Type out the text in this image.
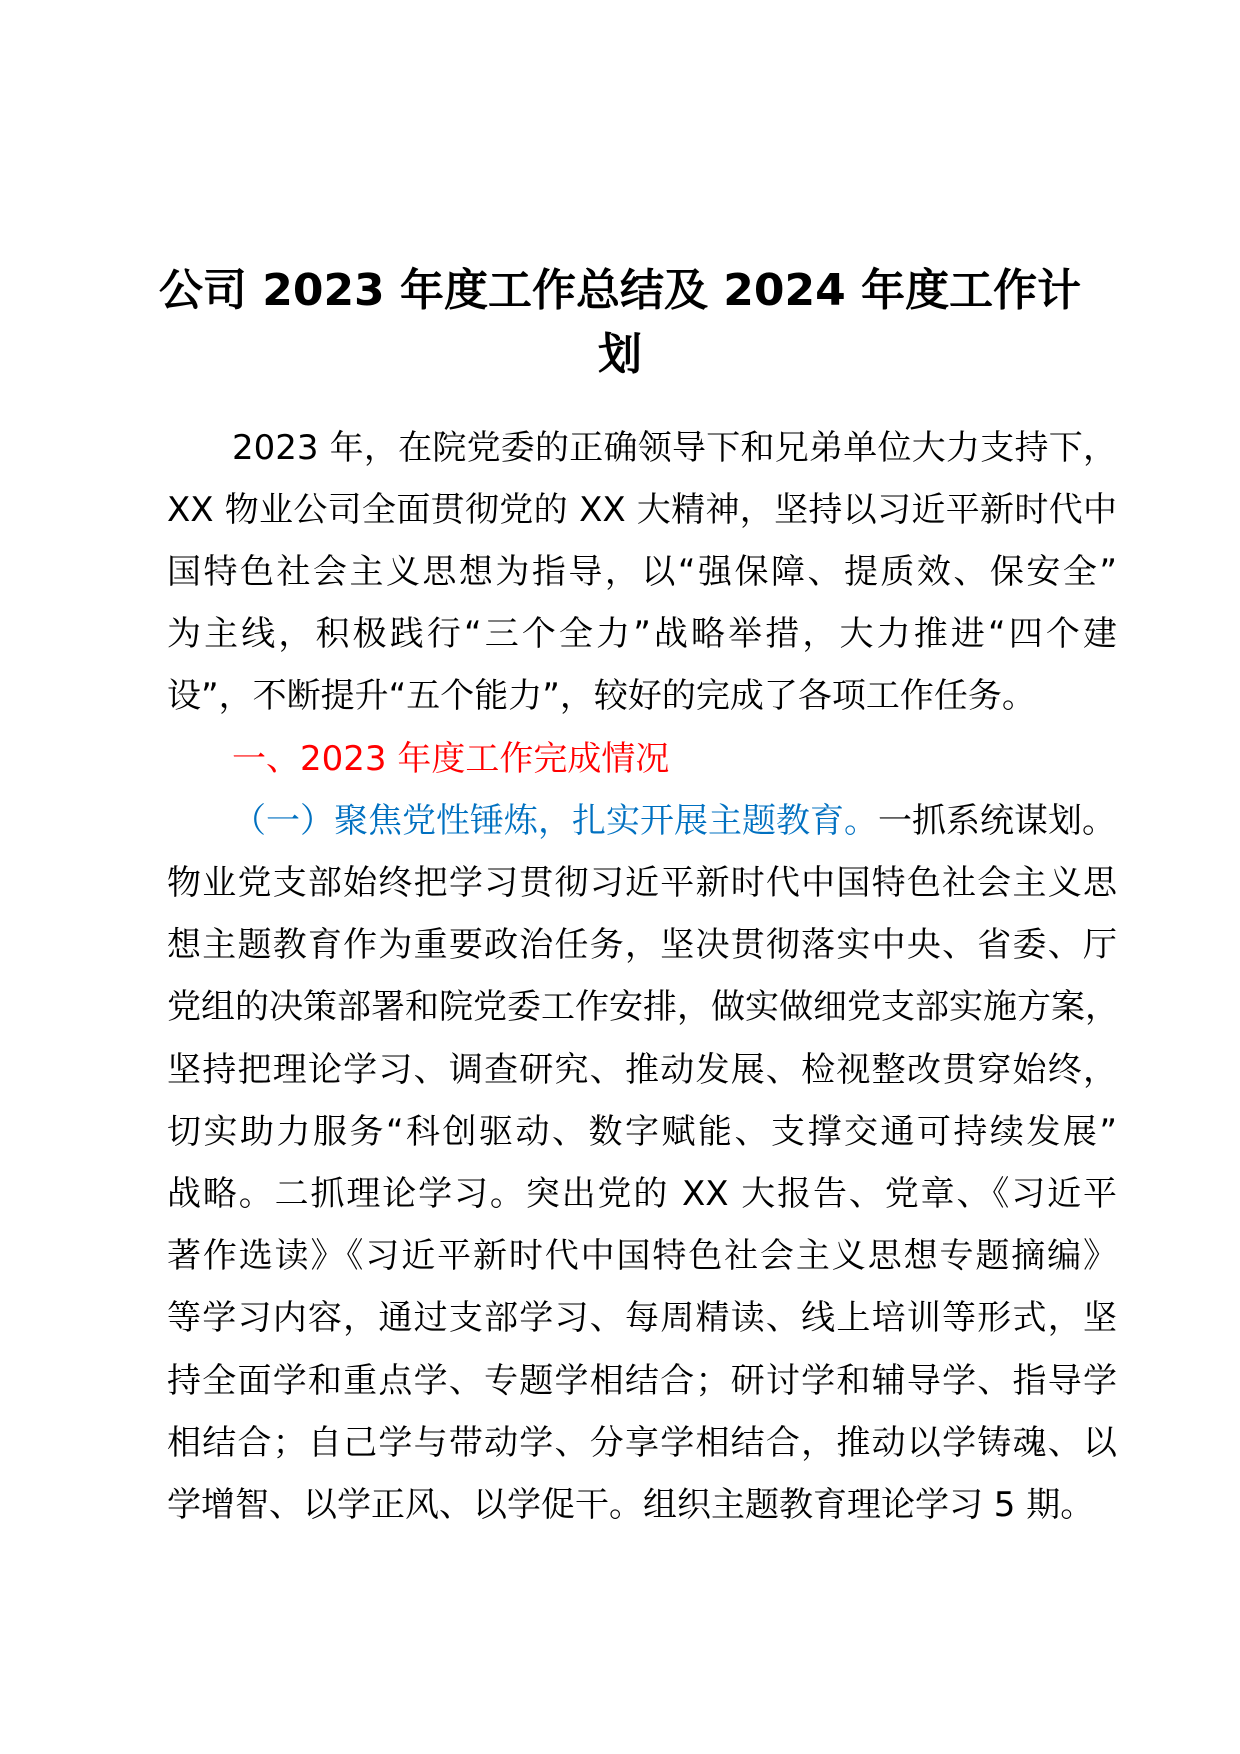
公司 2023 年度工作总结及 2024 年度工作计
划
2023 年，在院党委的正确领导下和兄弟单位大力支持下，
XX 物业公司全面贯彻党的 XX 大精神，坚持以习近平新时代中
国特色社会主义思想为指导，以“强保障、提质效、保安全”
为主线，积极践行“三个全力”战略举措，大力推进“四个建
设”，不断提升“五个能力”，较好的完成了各项工作任务。
一、2023 年度工作完成情况
（一）聚焦党性锤炼，扎实开展主题教育。一抓系统谋划。
物业党支部始终把学习贯彻习近平新时代中国特色社会主义思
想主题教育作为重要政治任务，坚决贯彻落实中央、省委、厅
党组的决策部署和院党委工作安排，做实做细党支部实施方案，
坚持把理论学习、调查研究、推动发展、检视整改贯穿始终，
切实助力服务“科创驱动、数字赋能、支撑交通可持续发展”
战略。二抓理论学习。突出党的 XX 大报告、党章、《习近平
著作选读》《习近平新时代中国特色社会主义思想专题摘编》
等学习内容，通过支部学习、每周精读、线上培训等形式，坚
持全面学和重点学、专题学相结合；研讨学和辅导学、指导学
相结合；自己学与带动学、分享学相结合，推动以学铸魂、以
学增智、以学正风、以学促干。组织主题教育理论学习 5 期。
